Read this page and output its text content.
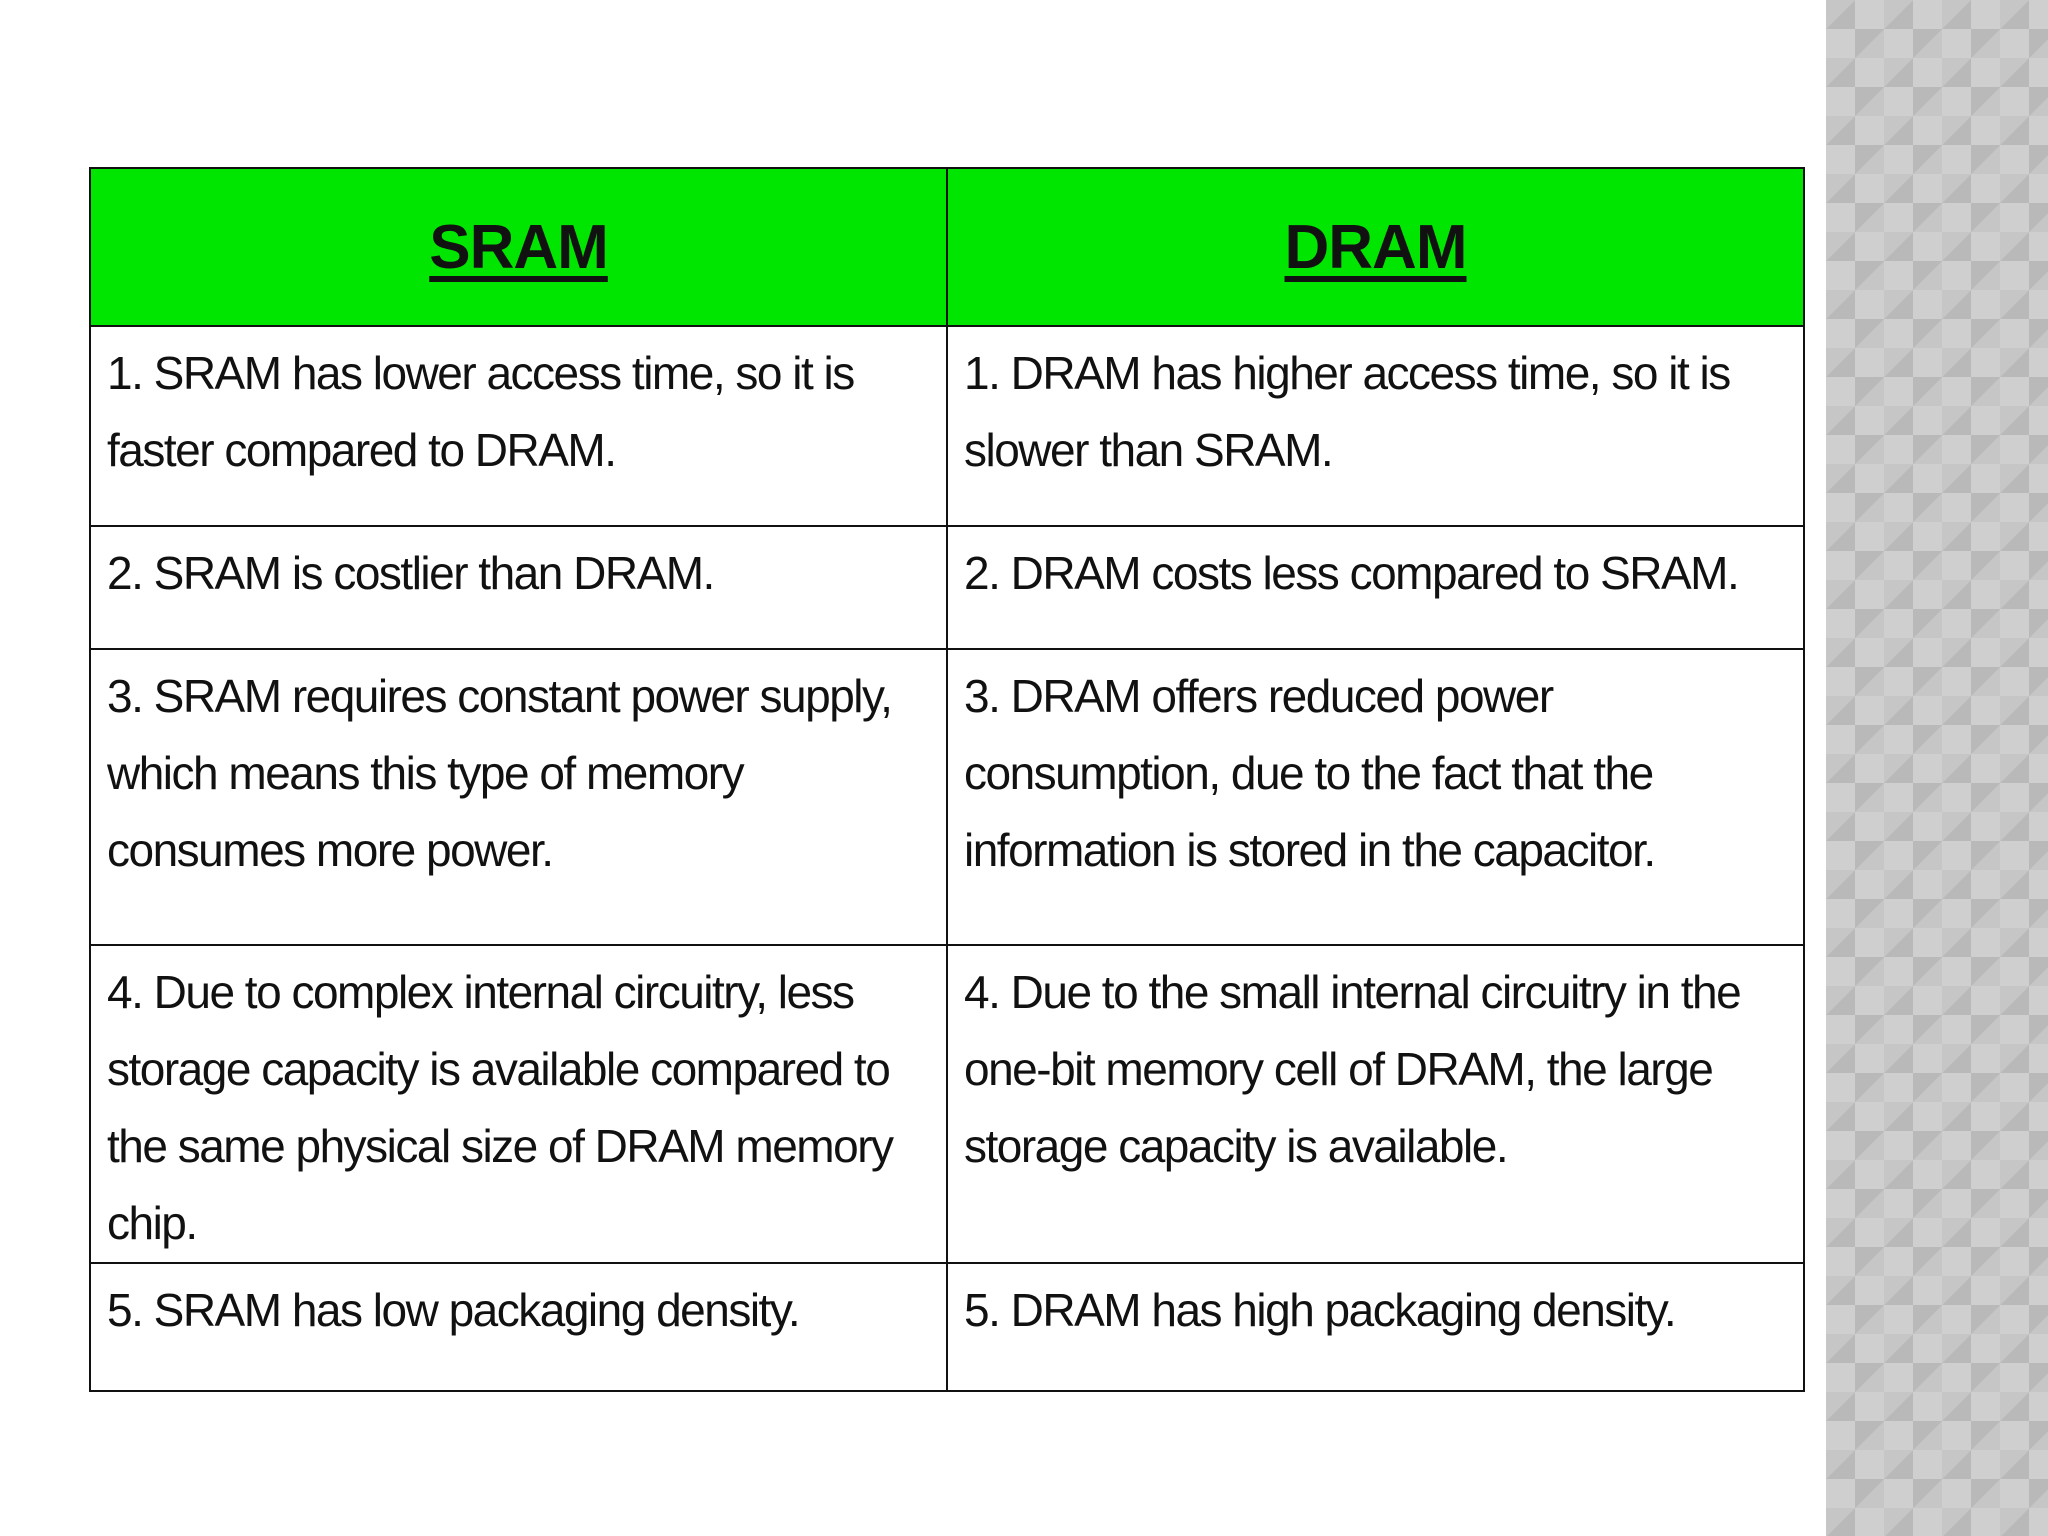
SRAM	DRAM
1. SRAM has lower access time, so it is faster compared to DRAM.	1. DRAM has higher access time, so it is slower than SRAM.
2. SRAM is costlier than DRAM.	2. DRAM costs less compared to SRAM.
3. SRAM requires constant power supply, which means this type of memory consumes more power.	3. DRAM offers reduced power consumption, due to the fact that the information is stored in the capacitor.
4. Due to complex internal circuitry, less storage capacity is available compared to the same physical size of DRAM memory chip.	4. Due to the small internal circuitry in the one-bit memory cell of DRAM, the large storage capacity is available.
5. SRAM has low packaging density.	5. DRAM has high packaging density.
